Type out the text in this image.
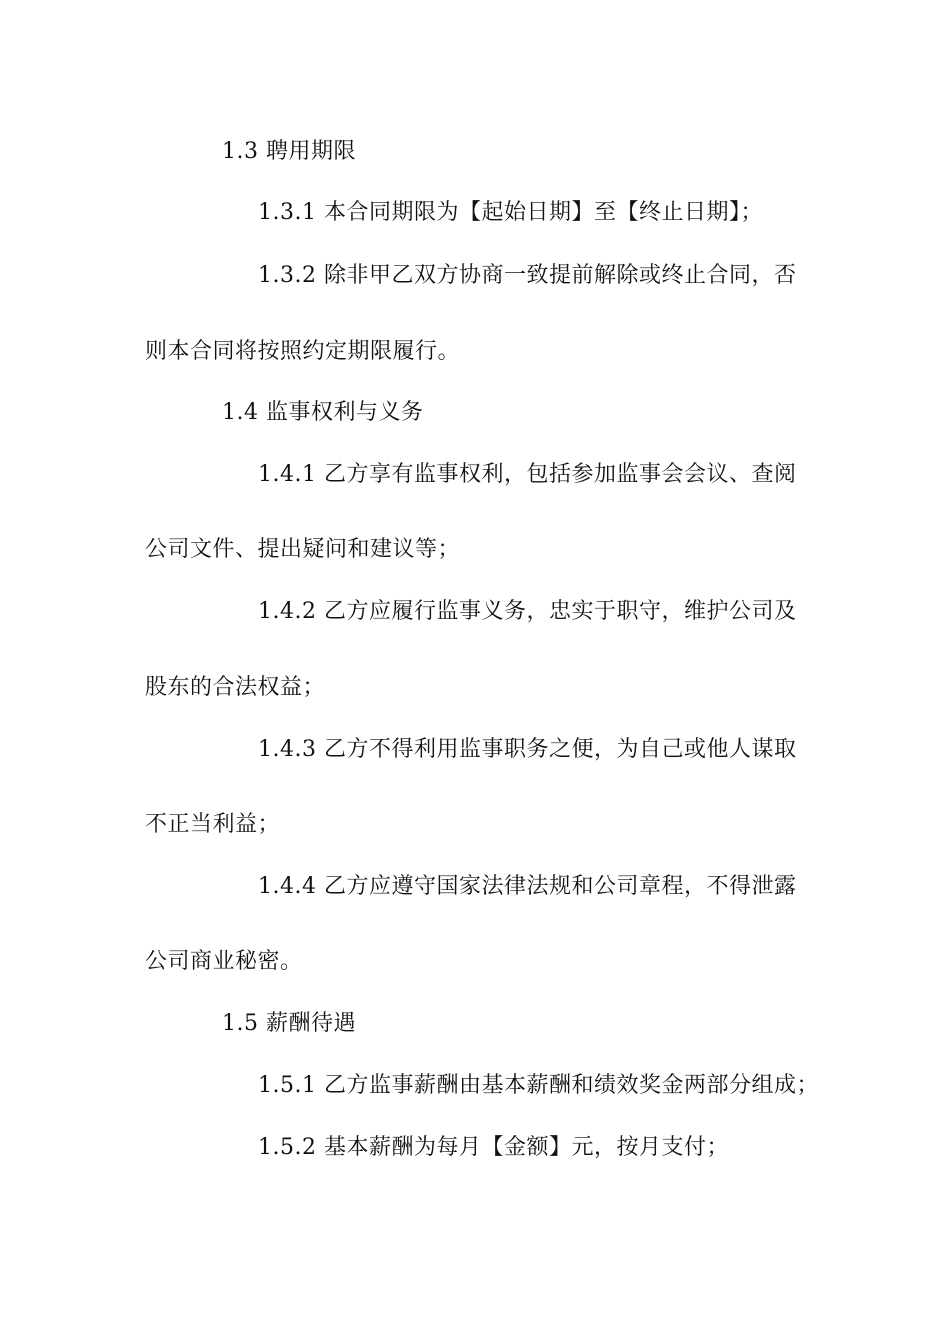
1.3 聘用期限
1.3.1 本合同期限为【起始日期】至【终止日期】；
1.3.2 除非甲乙双方协商一致提前解除或终止合同，否
则本合同将按照约定期限履行。
1.4 监事权利与义务
1.4.1 乙方享有监事权利，包括参加监事会会议、查阅
公司文件、提出疑问和建议等；
1.4.2 乙方应履行监事义务，忠实于职守，维护公司及
股东的合法权益；
1.4.3 乙方不得利用监事职务之便，为自己或他人谋取
不正当利益；
1.4.4 乙方应遵守国家法律法规和公司章程，不得泄露
公司商业秘密。
1.5 薪酬待遇
1.5.1 乙方监事薪酬由基本薪酬和绩效奖金两部分组成；
1.5.2 基本薪酬为每月【金额】元，按月支付；
